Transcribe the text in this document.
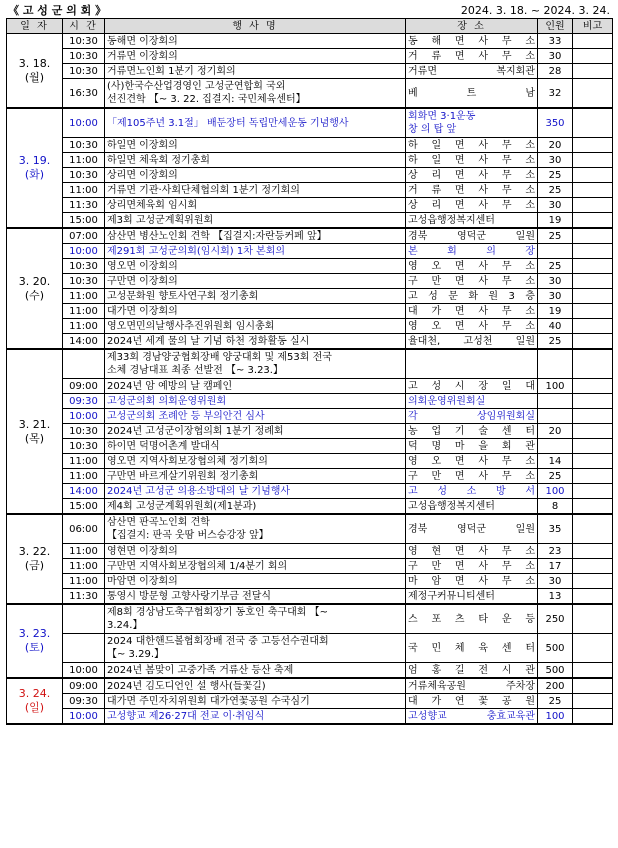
《 고 성 군 의 회 》	2024. 3. 18. ~ 2024. 3. 24.
일 자	시 간	행 사 명	장 소	인원	비고
3. 18.
(월)	10:30	동해면 이장회의	동 해 면 사 무 소	33	
	10:30	거류면 이장회의	거 류 면 사 무 소	30	
	10:30	거류면노인회 1분기 정기회의	거류면 복지회관	28	
	16:30	(사)한국수산업경영인 고성군연합회 국외
선진견학 【~ 3. 22. 집결지: 국민체육센터】	베 트 남	32	
3. 19.
(화)	10:00	「제105주년 3.1절」 배둔장터 독립만세운동 기념행사	회화면 3·1운동
창 의 탑 앞	350	
	10:30	하일면 이장회의	하 일 면 사 무 소	20	
	11:00	하일면 체육회 정기총회	하 일 면 사 무 소	30	
	10:30	상리면 이장회의	상 리 면 사 무 소	25	
	11:00	거류면 기관·사회단체협의회 1분기 정기회의	거 류 면 사 무 소	25	
	11:30	상리면체육회 임시회	상 리 면 사 무 소	30	
	15:00	제3회 고성군계획위원회	고성읍행정복지센터	19	
3. 20.
(수)	07:00	삼산면 병산노인회 견학 【집결지:자란등커페 앞】	경북 영덕군 일원	25	
	10:00	제291회 고성군의회(임시회) 1차 본회의	본 회 의 장		
	10:30	영오면 이장회의	영 오 면 사 무 소	25	
	10:30	구만면 이장회의	구 만 면 사 무 소	30	
	11:00	고성문화원 향토사연구회 정기총회	고 성 문 화 원 3 층	30	
	11:00	대가면 이장회의	대 가 면 사 무 소	19	
	11:00	영오면민의날행사추진위원회 임시총회	영 오 면 사 무 소	40	
	14:00	2024년 세계 물의 날 기념 하천 정화활동 실시	율대천, 고성천 일원	25	
3. 21.
(목)		제33회 경남양궁협회장배 양궁대회 및 제53회 전국
소체 경남대표 최종 선발전 【~ 3.23.】			
	09:00	2024년 암 예방의 날 캠페인	고 성 시 장 일 대	100	
	09:30	고성군의회 의회운영위원회	의회운영위원회실		
	10:00	고성군의회 조례안 등 부의안건 심사	각 상임위원회실		
	10:30	2024년 고성군이장협의회 1분기 정례회	농 업 기 술 센 터	20	
	10:30	하이면 덕명어촌계 발대식	덕 명 마 을 회 관		
	11:00	영오면 지역사회보장협의체 정기회의	영 오 면 사 무 소	14	
	11:00	구만면 바르게살기위원회 정기총회	구 만 면 사 무 소	25	
	14:00	2024년 고성군 의용소방대의 날 기념행사	고 성 소 방 서	100	
	15:00	제4회 고성군계획위원회(제1분과)	고성읍행정복지센터	8	
3. 22.
(금)	06:00	삼산면 판곡노인회 견학
【집결지: 판곡 웃땀 버스승강장 앞】	경북 영덕군 일원	35	
	11:00	영현면 이장회의	영 현 면 사 무 소	23	
	11:00	구만면 지역사회보장협의체 1/4분기 회의	구 만 면 사 무 소	17	
	11:00	마암면 이장회의	마 암 면 사 무 소	30	
	11:30	통영시 방문형 고향사랑기부금 전달식	제정구커뮤니티센터	13	
3. 23.
(토)		제8회 경상남도축구협회장기 동호인 축구대회 【~
3.24.】	스 포 츠 타 운 등	250	
		2024 대한핸드볼협회장배 전국 중 고등선수권대회
【~ 3.29.】	국 민 체 육 센 터	500	
	10:00	2024년 봄맞이 고중가족 거류산 등산 축제	엄 홍 길 전 시 관	500	
3. 24.
(일)	09:00	2024년 김도디언인 설 행사(들꽃길)	거류체육공원 주차장	200	
	09:30	대가면 주민자치위원회 대가연꽃공원 수국심기	대 가 연 꽃 공 원	25	
	10:00	고성향교 제26·27대 전교 이·취임식	고성향교 충효교육관	100	
